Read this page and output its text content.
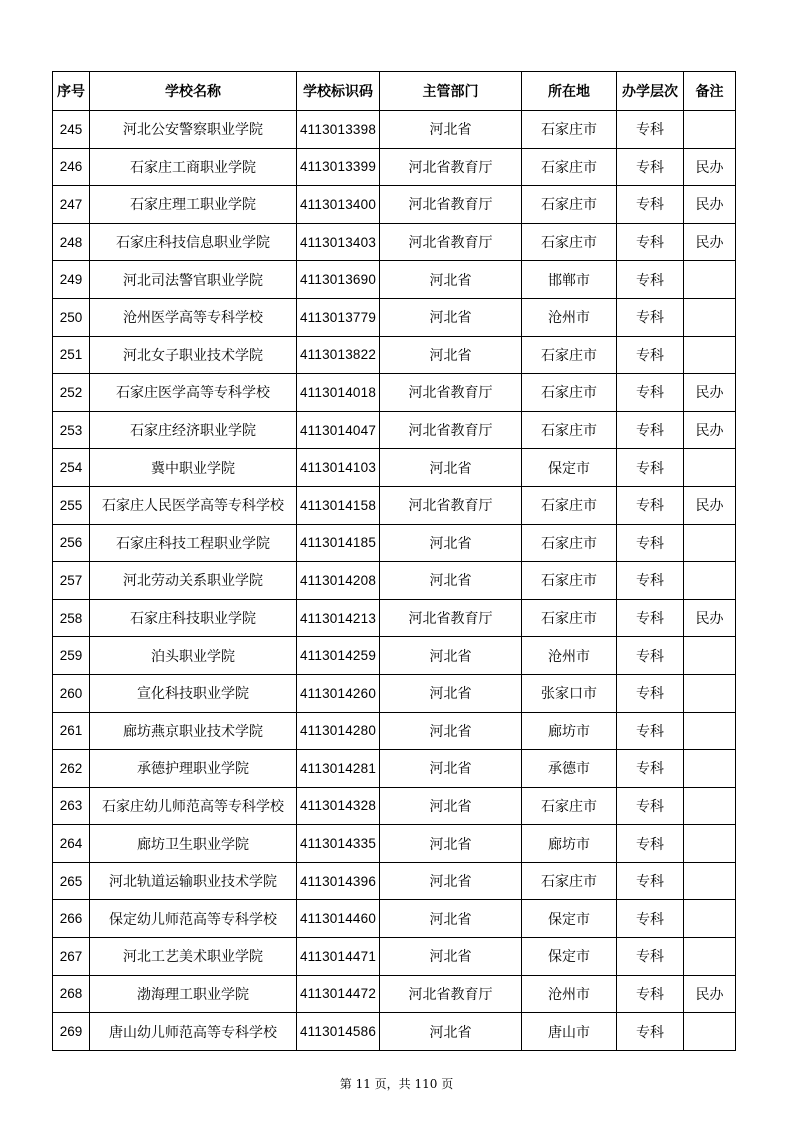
序号	学校名称	学校标识码	主管部门	所在地	办学层次	备注
245	河北公安警察职业学院	4113013398	河北省	石家庄市	专科	
246	石家庄工商职业学院	4113013399	河北省教育厅	石家庄市	专科	民办
247	石家庄理工职业学院	4113013400	河北省教育厅	石家庄市	专科	民办
248	石家庄科技信息职业学院	4113013403	河北省教育厅	石家庄市	专科	民办
249	河北司法警官职业学院	4113013690	河北省	邯郸市	专科	
250	沧州医学高等专科学校	4113013779	河北省	沧州市	专科	
251	河北女子职业技术学院	4113013822	河北省	石家庄市	专科	
252	石家庄医学高等专科学校	4113014018	河北省教育厅	石家庄市	专科	民办
253	石家庄经济职业学院	4113014047	河北省教育厅	石家庄市	专科	民办
254	冀中职业学院	4113014103	河北省	保定市	专科	
255	石家庄人民医学高等专科学校	4113014158	河北省教育厅	石家庄市	专科	民办
256	石家庄科技工程职业学院	4113014185	河北省	石家庄市	专科	
257	河北劳动关系职业学院	4113014208	河北省	石家庄市	专科	
258	石家庄科技职业学院	4113014213	河北省教育厅	石家庄市	专科	民办
259	泊头职业学院	4113014259	河北省	沧州市	专科	
260	宣化科技职业学院	4113014260	河北省	张家口市	专科	
261	廊坊燕京职业技术学院	4113014280	河北省	廊坊市	专科	
262	承德护理职业学院	4113014281	河北省	承德市	专科	
263	石家庄幼儿师范高等专科学校	4113014328	河北省	石家庄市	专科	
264	廊坊卫生职业学院	4113014335	河北省	廊坊市	专科	
265	河北轨道运输职业技术学院	4113014396	河北省	石家庄市	专科	
266	保定幼儿师范高等专科学校	4113014460	河北省	保定市	专科	
267	河北工艺美术职业学院	4113014471	河北省	保定市	专科	
268	渤海理工职业学院	4113014472	河北省教育厅	沧州市	专科	民办
269	唐山幼儿师范高等专科学校	4113014586	河北省	唐山市	专科	
第 11 页，共 110 页
